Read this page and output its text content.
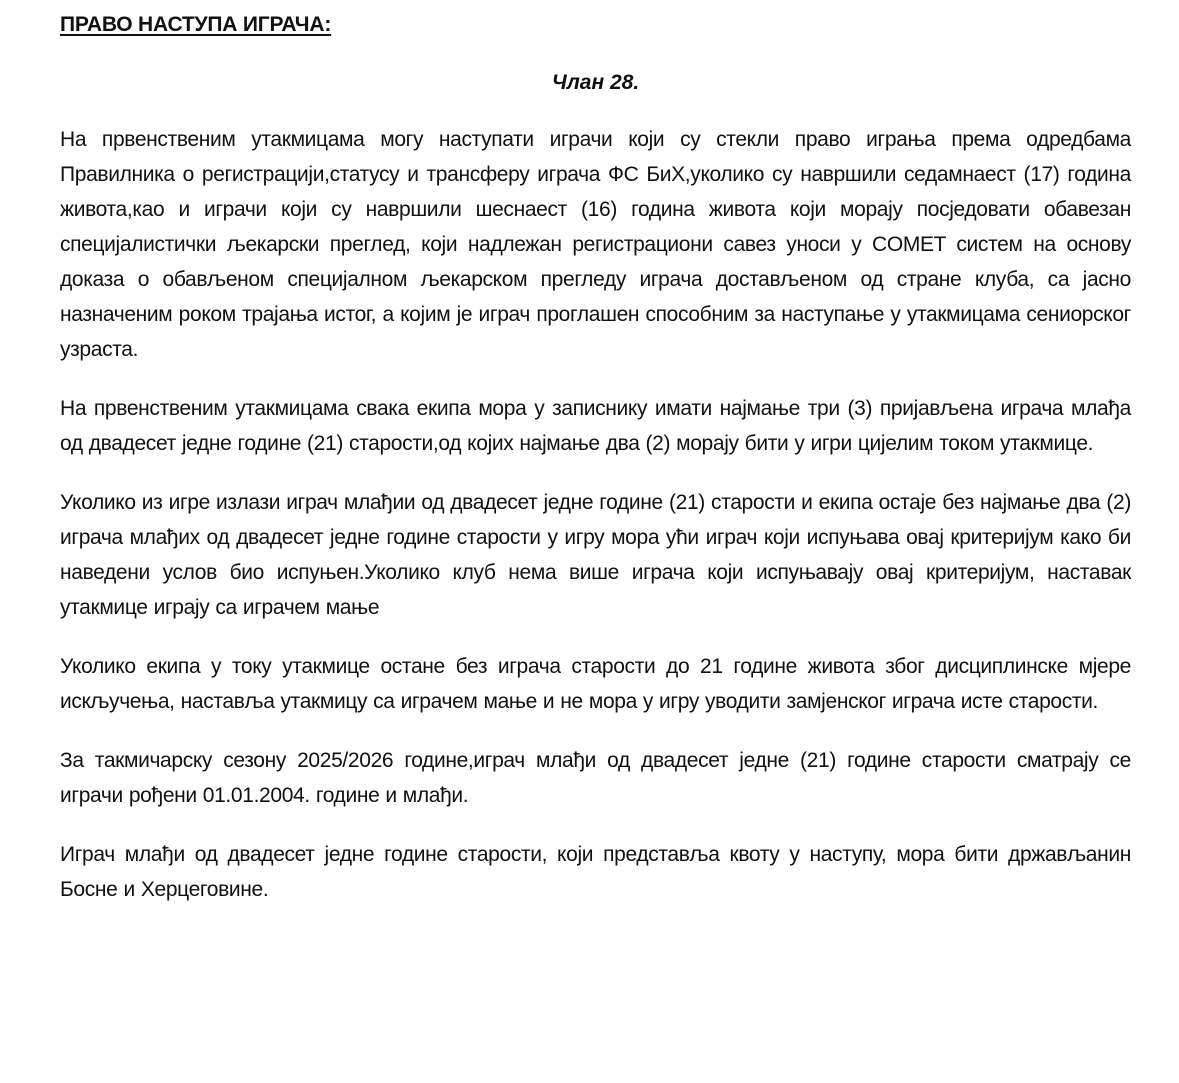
ПРАВО НАСТУПА ИГРАЧА:

Члан 28.

На првенственим утакмицама могу наступати играчи који су стекли право играња према одредбама Правилника о регистрацији,статусу и трансферу играча ФС БиХ,уколико су навршили седамнаест (17) година живота,као и играчи који су навршили шеснаест (16) година живота који морају посједовати обавезан специјалистички љекарски преглед, који надлежан регистрациони савез уноси у COMET систем на основу доказа о обављеном специјалном љекарском прегледу играча достављеном од стране клуба, са јасно назначеним роком трајања истог, а којим је играч проглашен способним за наступање у утакмицама сениорског узраста.

На првенственим утакмицама свака екипа мора у записнику имати најмање три (3) пријављена играча млађа од двадесет једне године (21) старости,од којих најмање два (2) морају бити у игри цијелим током утакмице.

Уколико из игре излази играч млађии од двадесет једне године (21) старости и екипа остаје без најмање два (2) играча млађих од двадесет једне године старости у игру мора ући играч који испуњава овај критеријум како би наведени услов био испуњен.Уколико клуб нема више играча који испуњавају овај критеријум, наставак утакмице играју са играчем мање

Уколико екипа у току утакмице остане без играча старости до 21 године живота због дисциплинске мјере искључења, наставља утакмицу са играчем мање и не мора у игру уводити замјенског играча исте старости.

За такмичарску сезону 2025/2026 године,играч млађи од двадесет једне (21) године старости сматрају се играчи рођени 01.01.2004. године и млађи.

Играч млађи од двадесет једне године старости, који представља квоту у наступу, мора бити држављанин Босне и Херцеговине.
